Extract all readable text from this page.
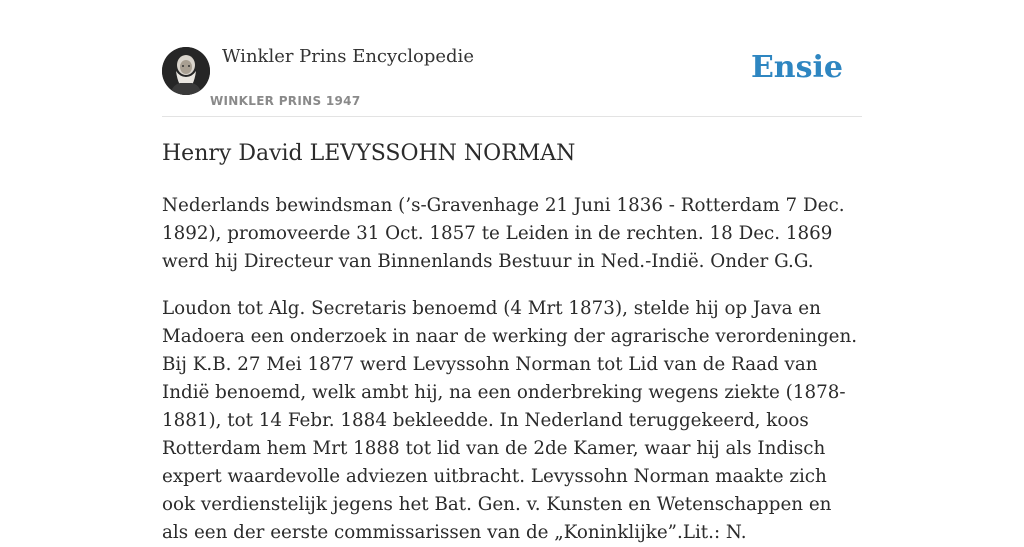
Winkler Prins Encyclopedie
WINKLER PRINS 1947
Ensie
Henry David LEVYSSOHN NORMAN

Nederlands bewindsman (’s-Gravenhage 21 Juni 1836 - Rotterdam 7 Dec. 1892), promoveerde 31 Oct. 1857 te Leiden in de rechten. 18 Dec. 1869 werd hij Directeur van Binnenlands Bestuur in Ned.-Indië. Onder G.G.

Loudon tot Alg. Secretaris benoemd (4 Mrt 1873), stelde hij op Java en Madoera een onderzoek in naar de werking der agrarische verordeningen. Bij K.B. 27 Mei 1877 werd Levyssohn Norman tot Lid van de Raad van Indië benoemd, welk ambt hij, na een onderbreking wegens ziekte (1878-1881), tot 14 Febr. 1884 bekleedde. In Nederland teruggekeerd, koos Rotterdam hem Mrt 1888 tot lid van de 2de Kamer, waar hij als Indisch expert waardevolle adviezen uitbracht. Levyssohn Norman maakte zich ook verdienstelijk jegens het Bat. Gen. v. Kunsten en Wetenschappen en als een der eerste commissarissen van de „Koninklijke”.Lit.: N.
